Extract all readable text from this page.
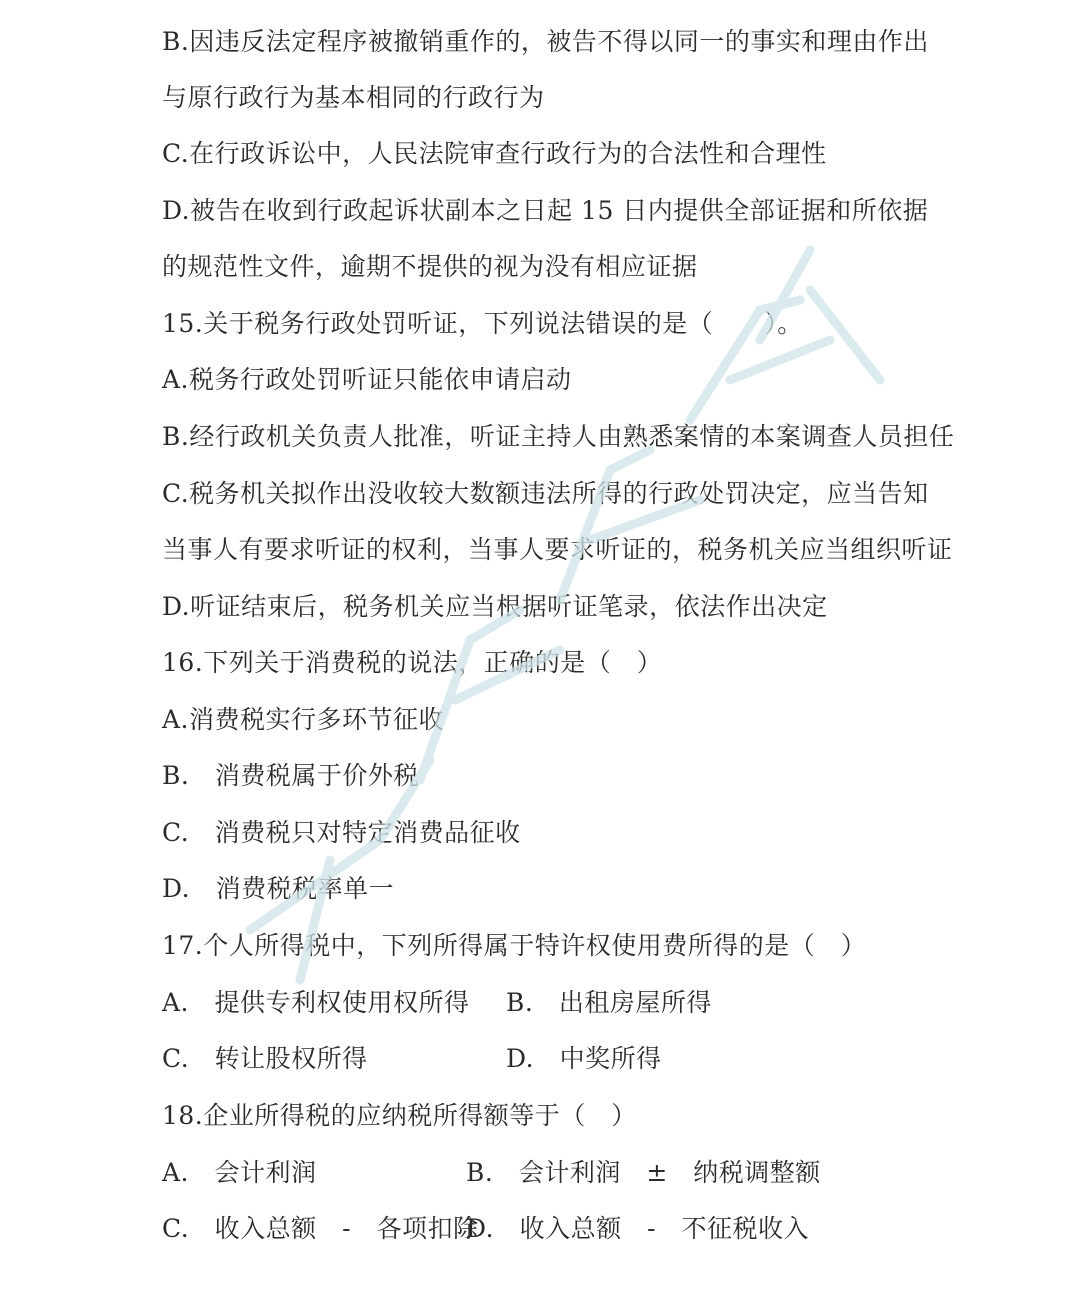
B.因违反法定程序被撤销重作的，被告不得以同一的事实和理由作出
与原行政行为基本相同的行政行为
C.在行政诉讼中，人民法院审查行政行为的合法性和合理性
D.被告在收到行政起诉状副本之日起 15 日内提供全部证据和所依据
的规范性文件，逾期不提供的视为没有相应证据
15.关于税务行政处罚听证，下列说法错误的是（　　）。
A.税务行政处罚听证只能依申请启动
B.经行政机关负责人批准，听证主持人由熟悉案情的本案调查人员担任
C.税务机关拟作出没收较大数额违法所得的行政处罚决定，应当告知
当事人有要求听证的权利，当事人要求听证的，税务机关应当组织听证
D.听证结束后，税务机关应当根据听证笔录，依法作出决定
16.下列关于消费税的说法，正确的是（　）
A.消费税实行多环节征收
B.　消费税属于价外税
C.　消费税只对特定消费品征收
D.　消费税税率单一
17.个人所得税中，下列所得属于特许权使用费所得的是（　）
A.　提供专利权使用权所得 B.　出租房屋所得
C.　转让股权所得	D.　中奖所得
18.企业所得税的应纳税所得额等于（　）
A.　会计利润	B.　会计利润　±　纳税调整额
C.　收入总额　-　各项扣除
D.　收入总额　-　不征税收入
